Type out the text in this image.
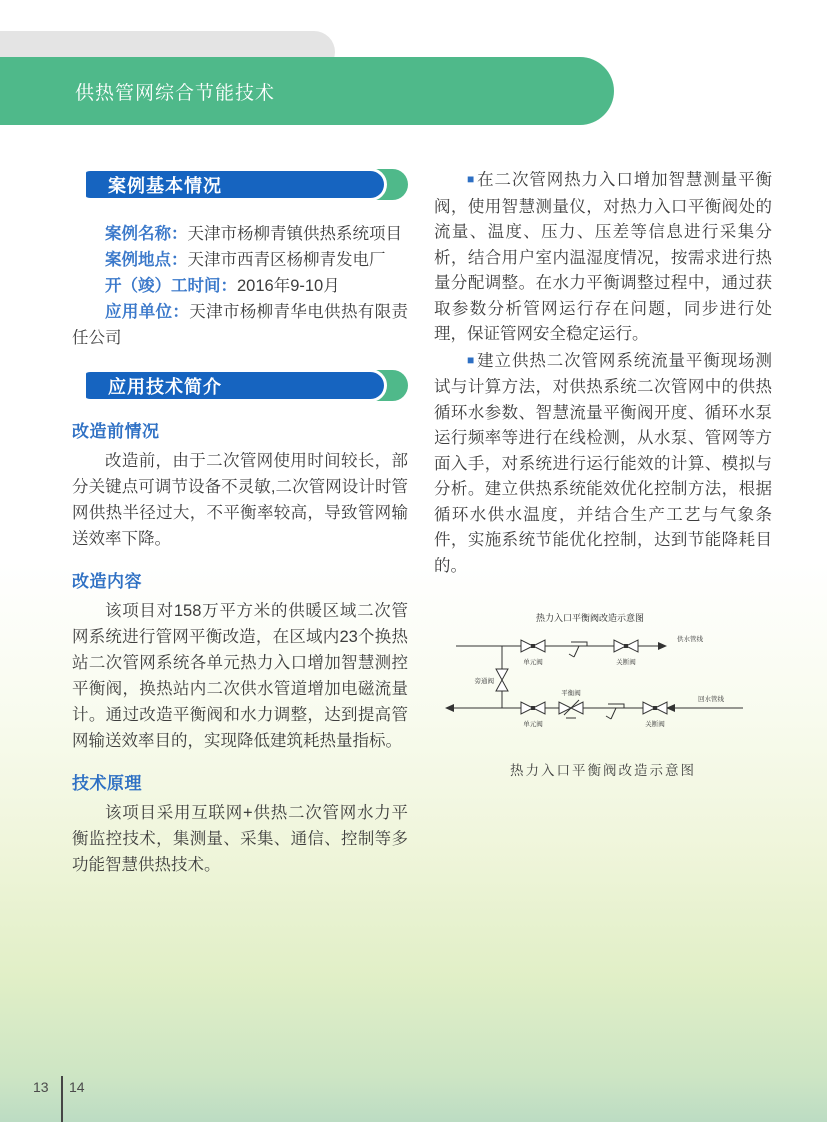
供热管网综合节能技术
案例基本情况

案例名称：天津市杨柳青镇供热系统项目

案例地点：天津市西青区杨柳青发电厂

开（竣）工时间：2016年9-10月

应用单位：天津市杨柳青华电供热有限责任公司

应用技术简介
改造前情况

改造前，由于二次管网使用时间较长，部分关键点可调节设备不灵敏,二次管网设计时管网供热半径过大，不平衡率较高，导致管网输送效率下降。

改造内容

该项目对158万平方米的供暖区域二次管网系统进行管网平衡改造，在区域内23个换热站二次管网系统各单元热力入口增加智慧测控平衡阀，换热站内二次供水管道增加电磁流量计。通过改造平衡阀和水力调整，达到提高管网输送效率目的，实现降低建筑耗热量指标。

技术原理

该项目采用互联网+供热二次管网水力平衡监控技术，集测量、采集、通信、控制等多功能智慧供热技术。

■ 在二次管网热力入口增加智慧测量平衡阀，使用智慧测量仪，对热力入口平衡阀处的流量、温度、压力、压差等信息进行采集分析，结合用户室内温湿度情况，按需求进行热量分配调整。在水力平衡调整过程中，通过获取参数分析管网运行存在问题，同步进行处理，保证管网安全稳定运行。

■ 建立供热二次管网系统流量平衡现场测试与计算方法，对供热系统二次管网中的供热循环水参数、智慧流量平衡阀开度、循环水泵运行频率等进行在线检测，从水泵、管网等方面入手，对系统进行运行能效的计算、模拟与分析。建立供热系统能效优化控制方法，根据循环水供水温度，并结合生产工艺与气象条件，实施系统节能优化控制，达到节能降耗目的。

热力入口平衡阀改造示意图
单元阀	关断阀
供水管线
旁通阀
平衡阀
单元阀	关断阀
回水管线
热力入口平衡阀改造示意图
13 14
